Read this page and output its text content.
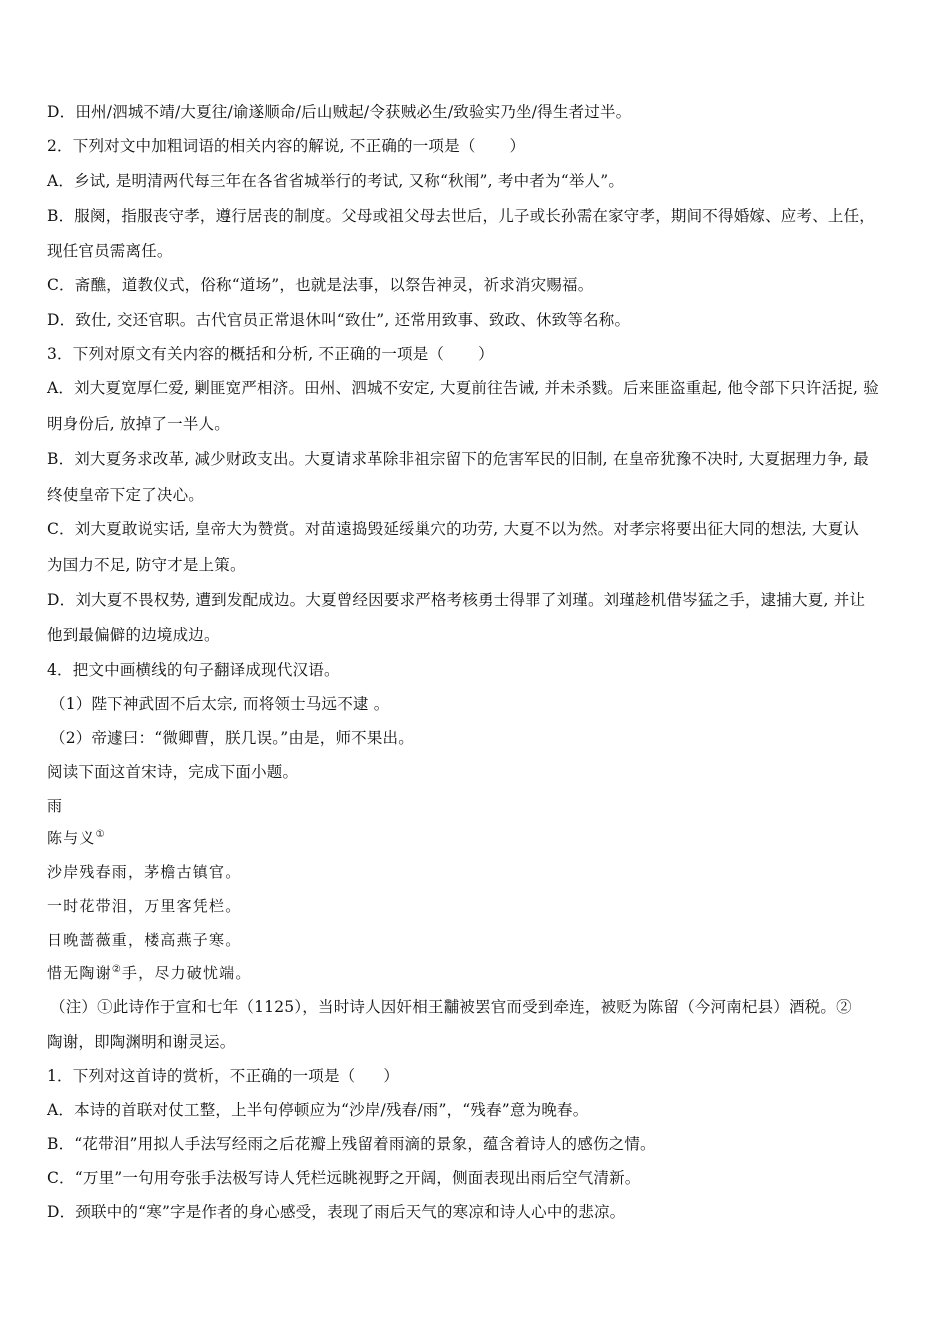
D．田州/泗城不靖/大夏往/谕遂顺命/后山贼起/令获贼必生/致验实乃坐/得生者过半。
2．下列对文中加粗词语的相关内容的解说, 不正确的一项是（ ）
A．乡试, 是明清两代每三年在各省省城举行的考试, 又称“秋闱”, 考中者为“举人”。
B．服阕，指服丧守孝，遵行居丧的制度。父母或祖父母去世后，儿子或长孙需在家守孝，期间不得婚嫁、应考、上任，
现任官员需离任。
C．斋醮，道教仪式，俗称“道场”，也就是法事，以祭告神灵，祈求消灾赐福。
D．致仕, 交还官职。古代官员正常退休叫“致仕”, 还常用致事、致政、休致等名称。
3．下列对原文有关内容的概括和分析, 不正确的一项是（ ）
A．刘大夏宽厚仁爱, 剿匪宽严相济。田州、泗城不安定, 大夏前往告诫, 并未杀戮。后来匪盗重起, 他令部下只许活捉, 验
明身份后, 放掉了一半人。
B．刘大夏务求改革, 减少财政支出。大夏请求革除非祖宗留下的危害军民的旧制, 在皇帝犹豫不决时, 大夏据理力争, 最
终使皇帝下定了决心。
C．刘大夏敢说实话, 皇帝大为赞赏。对苗遠捣毁延绥巢穴的功劳, 大夏不以为然。对孝宗将要出征大同的想法, 大夏认
为国力不足, 防守才是上策。
D．刘大夏不畏权势, 遭到发配成边。大夏曾经因要求严格考核勇士得罪了刘瑾。刘瑾趁机借岑猛之手，逮捕大夏, 并让
他到最偏僻的边境成边。
4．把文中画横线的句子翻译成现代汉语。
（1）陛下神武固不后太宗, 而将领士马远不逮 。
（2）帝遽曰：“微卿曹，朕几误。”由是，师不果出。
阅读下面这首宋诗，完成下面小题。
雨
陈与义①
沙岸残春雨，茅檐古镇官。
一时花带泪，万里客凭栏。
日晚蔷薇重，楼高燕子寒。
惜无陶谢②手，尽力破忧端。
（注）①此诗作于宣和七年（1125），当时诗人因奸相王黼被罢官而受到牵连，被贬为陈留（今河南杞县）酒税。②
陶谢，即陶渊明和谢灵运。
1．下列对这首诗的赏析，不正确的一项是（ ）
A．本诗的首联对仗工整，上半句停顿应为“沙岸/残春/雨”，“残春”意为晚春。
B．“花带泪”用拟人手法写经雨之后花瓣上残留着雨滴的景象，蕴含着诗人的感伤之情。
C．“万里”一句用夸张手法极写诗人凭栏远眺视野之开阔，侧面表现出雨后空气清新。
D．颈联中的“寒”字是作者的身心感受，表现了雨后天气的寒凉和诗人心中的悲凉。
